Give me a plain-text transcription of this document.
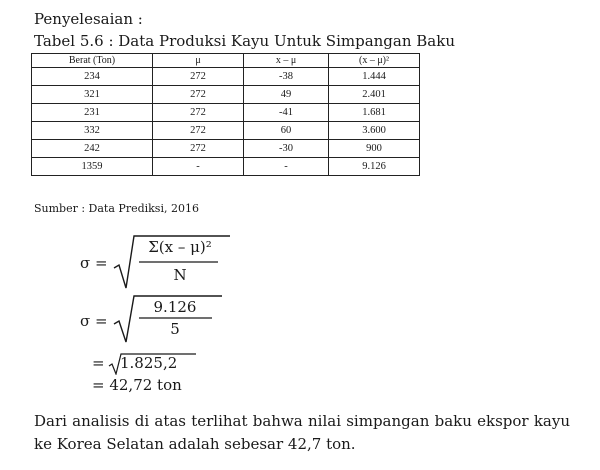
Penyelesaian :
Tabel 5.6 : Data Produksi Kayu Untuk Simpangan Baku
Berat (Ton)	μ	x – μ	(x – μ)²
234	272	-38	1.444
321	272	49	2.401
231	272	-41	1.681
332	272	60	3.600
242	272	-30	900
1359	-	-	9.126
Sumber : Data Prediksi, 2016
σ =
Σ(x – μ)²
N
σ =
9.126
5
= 1.825,2
= 42,72 ton
Dari analisis di atas terlihat bahwa nilai simpangan baku ekspor kayu ke Korea Selatan adalah sebesar 42,7 ton.
